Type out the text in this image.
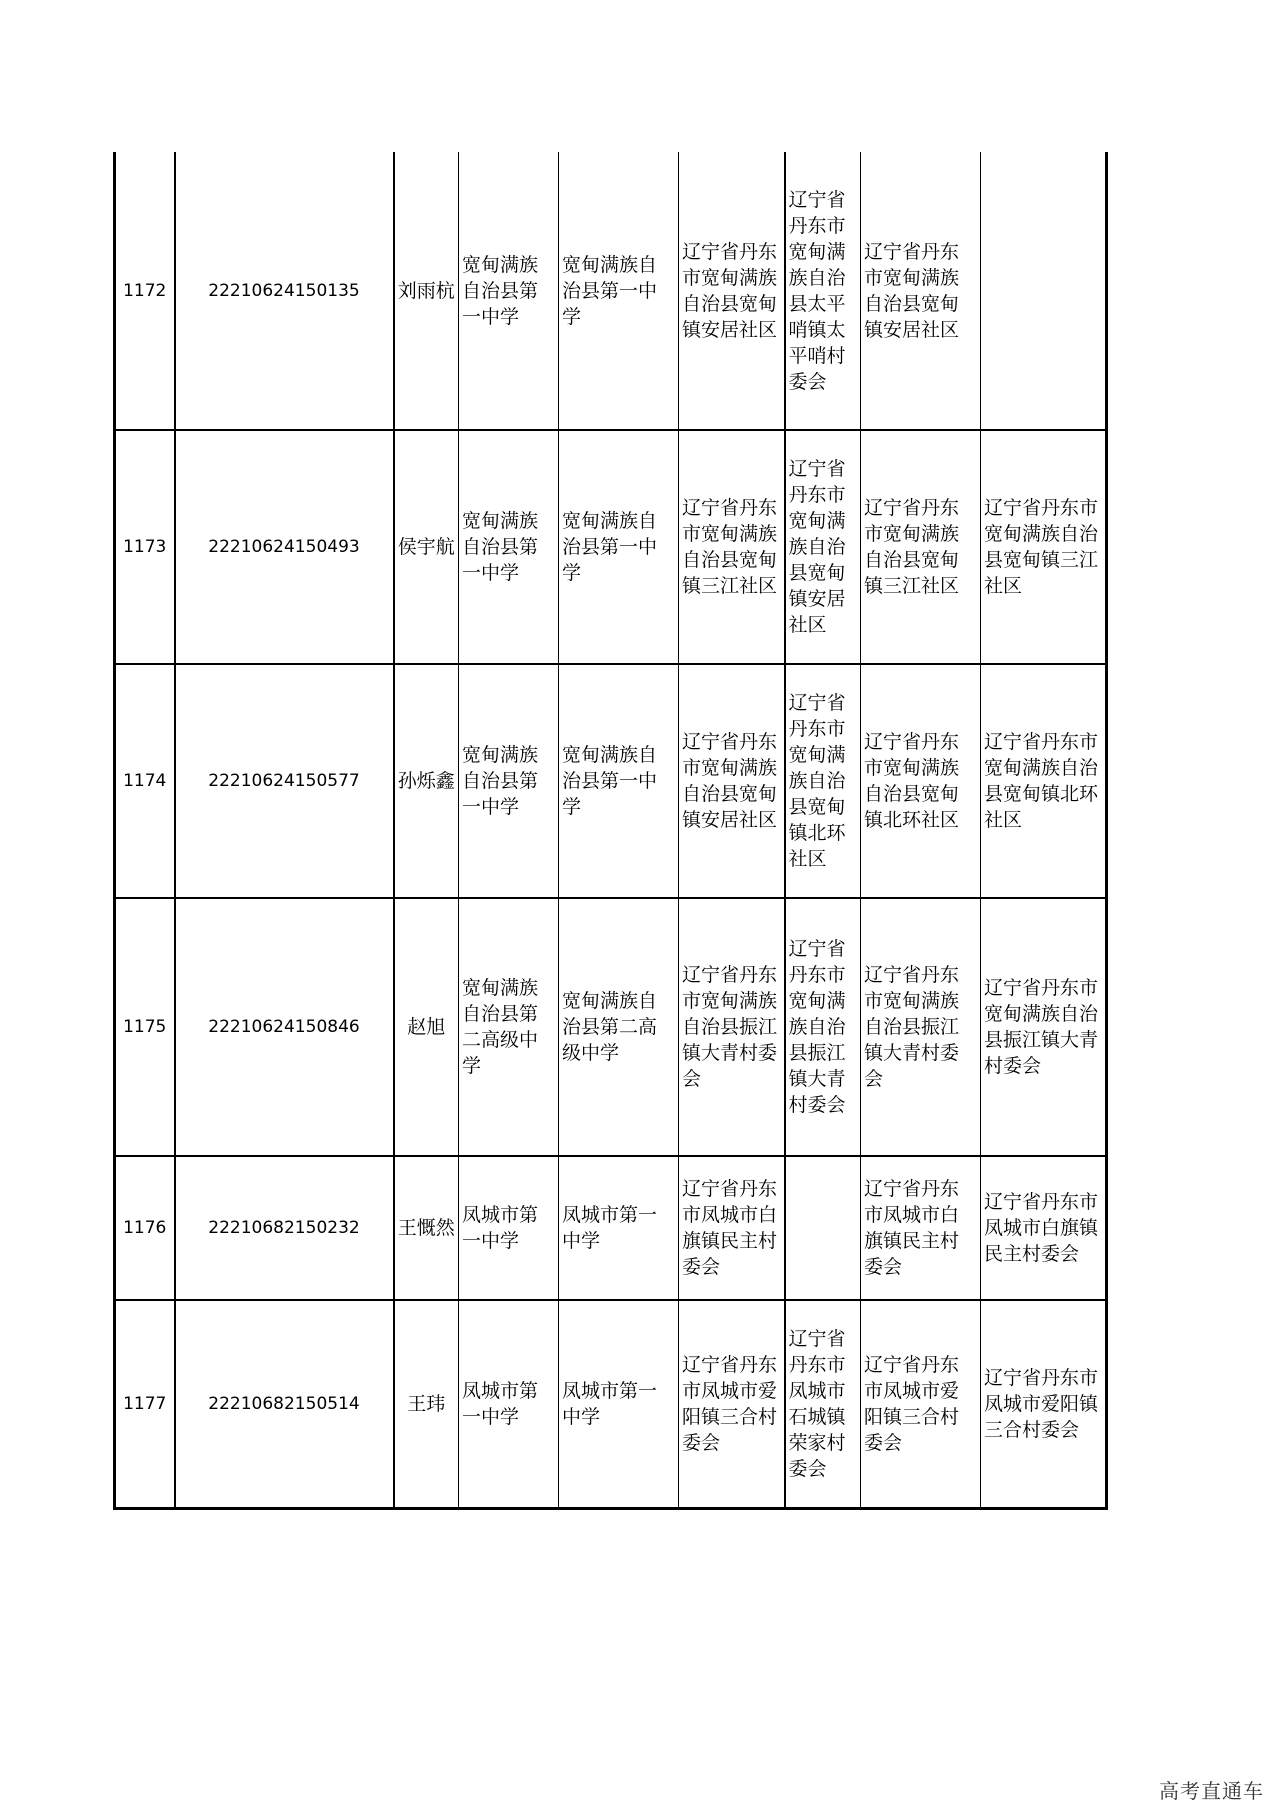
1172	22210624150135	刘雨杭	宽甸满族自治县第一中学	宽甸满族自治县第一中学	辽宁省丹东市宽甸满族自治县宽甸镇安居社区	辽宁省丹东市宽甸满族自治县太平哨镇太平哨村委会	辽宁省丹东市宽甸满族自治县宽甸镇安居社区	
1173	22210624150493	侯宇航	宽甸满族自治县第一中学	宽甸满族自治县第一中学	辽宁省丹东市宽甸满族自治县宽甸镇三江社区	辽宁省丹东市宽甸满族自治县宽甸镇安居社区	辽宁省丹东市宽甸满族自治县宽甸镇三江社区	辽宁省丹东市宽甸满族自治县宽甸镇三江社区
1174	22210624150577	孙烁鑫	宽甸满族自治县第一中学	宽甸满族自治县第一中学	辽宁省丹东市宽甸满族自治县宽甸镇安居社区	辽宁省丹东市宽甸满族自治县宽甸镇北环社区	辽宁省丹东市宽甸满族自治县宽甸镇北环社区	辽宁省丹东市宽甸满族自治县宽甸镇北环社区
1175	22210624150846	赵旭	宽甸满族自治县第二高级中学	宽甸满族自治县第二高级中学	辽宁省丹东市宽甸满族自治县振江镇大青村委会	辽宁省丹东市宽甸满族自治县振江镇大青村委会	辽宁省丹东市宽甸满族自治县振江镇大青村委会	辽宁省丹东市宽甸满族自治县振江镇大青村委会
1176	22210682150232	王慨然	凤城市第一中学	凤城市第一中学	辽宁省丹东市凤城市白旗镇民主村委会		辽宁省丹东市凤城市白旗镇民主村委会	辽宁省丹东市凤城市白旗镇民主村委会
1177	22210682150514	王玮	凤城市第一中学	凤城市第一中学	辽宁省丹东市凤城市爱阳镇三合村委会	辽宁省丹东市凤城市石城镇荣家村委会	辽宁省丹东市凤城市爱阳镇三合村委会	辽宁省丹东市凤城市爱阳镇三合村委会
高考直通车
